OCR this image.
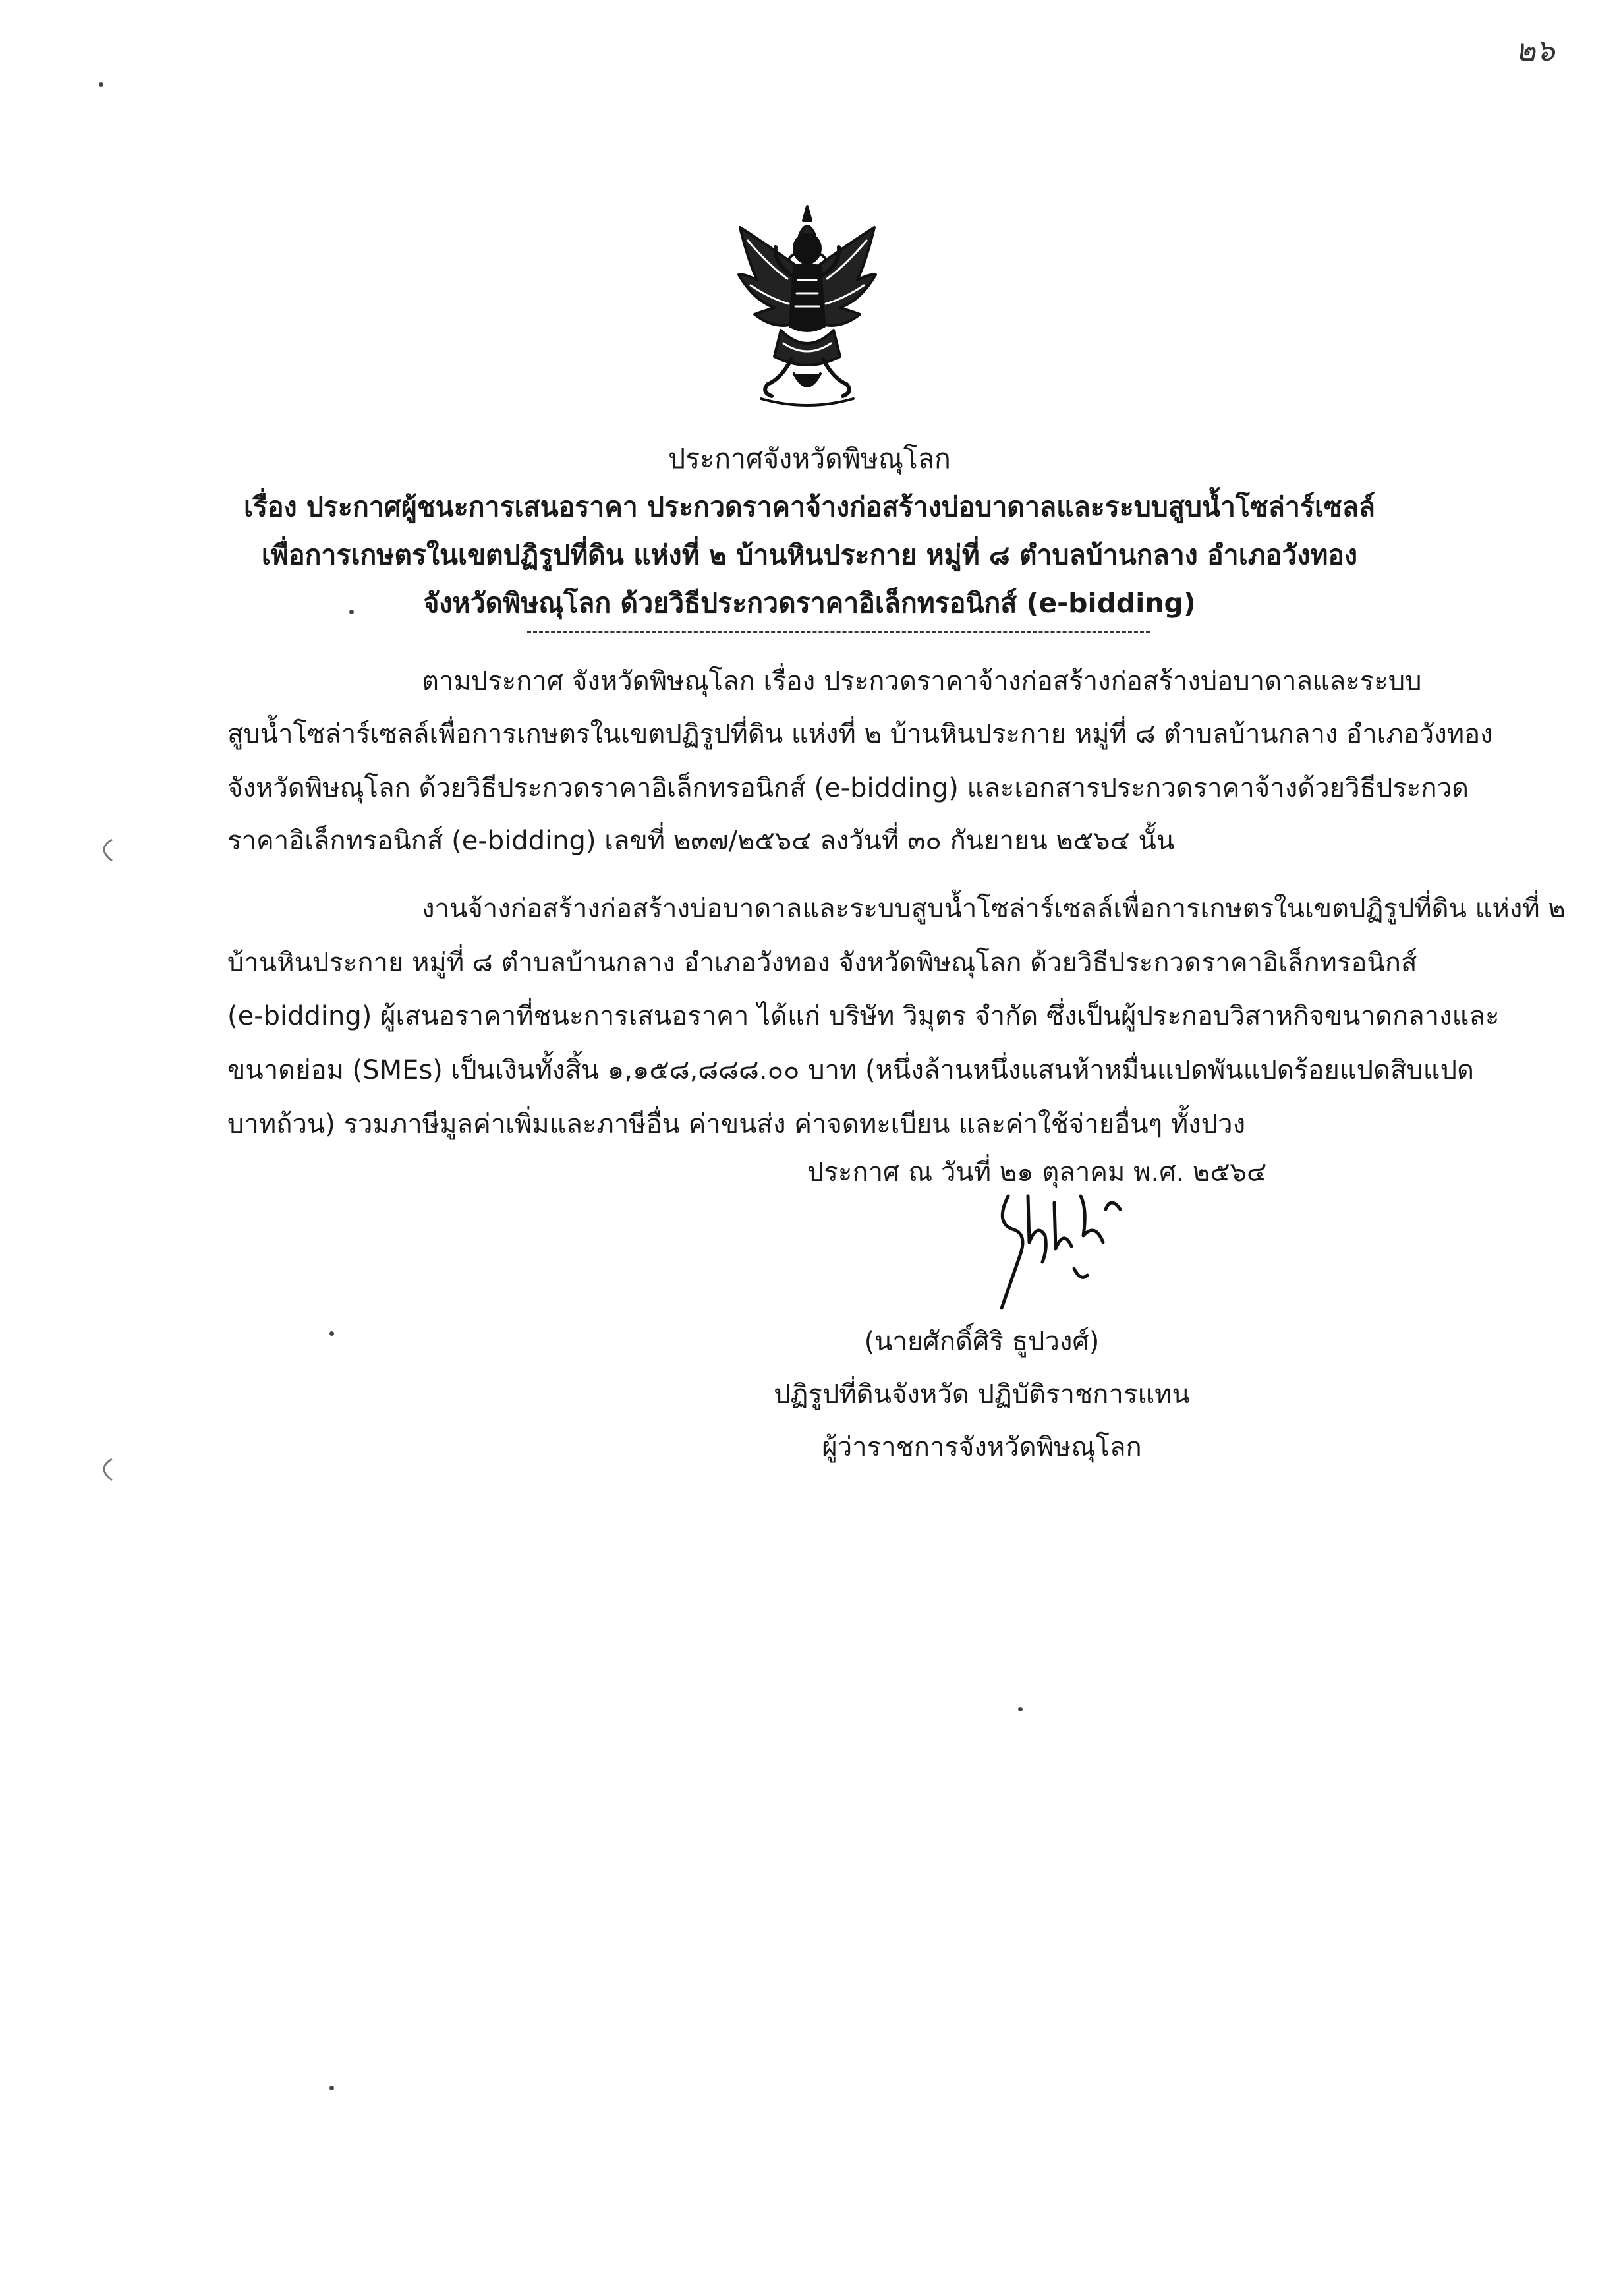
๒๖
ประกาศจังหวัดพิษณุโลก
เรื่อง ประกาศผู้ชนะการเสนอราคา ประกวดราคาจ้างก่อสร้างบ่อบาดาลและระบบสูบน้ำโซล่าร์เซลล์
เพื่อการเกษตรในเขตปฏิรูปที่ดิน แห่งที่ ๒ บ้านหินประกาย หมู่ที่ ๘ ตำบลบ้านกลาง อำเภอวังทอง
จังหวัดพิษณุโลก ด้วยวิธีประกวดราคาอิเล็กทรอนิกส์ (e-bidding)
ตามประกาศ จังหวัดพิษณุโลก เรื่อง ประกวดราคาจ้างก่อสร้างก่อสร้างบ่อบาดาลและระบบ
สูบน้ำโซล่าร์เซลล์เพื่อการเกษตรในเขตปฏิรูปที่ดิน แห่งที่ ๒ บ้านหินประกาย หมู่ที่ ๘ ตำบลบ้านกลาง อำเภอวังทอง
จังหวัดพิษณุโลก ด้วยวิธีประกวดราคาอิเล็กทรอนิกส์ (e-bidding) และเอกสารประกวดราคาจ้างด้วยวิธีประกวด
ราคาอิเล็กทรอนิกส์ (e-bidding) เลขที่ ๒๓๗/๒๕๖๔ ลงวันที่ ๓๐ กันยายน ๒๕๖๔ นั้น
งานจ้างก่อสร้างก่อสร้างบ่อบาดาลและระบบสูบน้ำโซล่าร์เซลล์เพื่อการเกษตรในเขตปฏิรูปที่ดิน แห่งที่ ๒
บ้านหินประกาย หมู่ที่ ๘ ตำบลบ้านกลาง อำเภอวังทอง จังหวัดพิษณุโลก ด้วยวิธีประกวดราคาอิเล็กทรอนิกส์
(e-bidding) ผู้เสนอราคาที่ชนะการเสนอราคา ได้แก่ บริษัท วิมุตร จำกัด ซึ่งเป็นผู้ประกอบวิสาหกิจขนาดกลางและ
ขนาดย่อม (SMEs) เป็นเงินทั้งสิ้น ๑,๑๕๘,๘๘๘.๐๐ บาท (หนึ่งล้านหนึ่งแสนห้าหมื่นแปดพันแปดร้อยแปดสิบแปด
บาทถ้วน) รวมภาษีมูลค่าเพิ่มและภาษีอื่น ค่าขนส่ง ค่าจดทะเบียน และค่าใช้จ่ายอื่นๆ ทั้งปวง
ประกาศ ณ วันที่ ๒๑ ตุลาคม พ.ศ. ๒๕๖๔
(นายศักดิ์ศิริ ธูปวงศ์)
ปฏิรูปที่ดินจังหวัด ปฏิบัติราชการแทน
ผู้ว่าราชการจังหวัดพิษณุโลก
